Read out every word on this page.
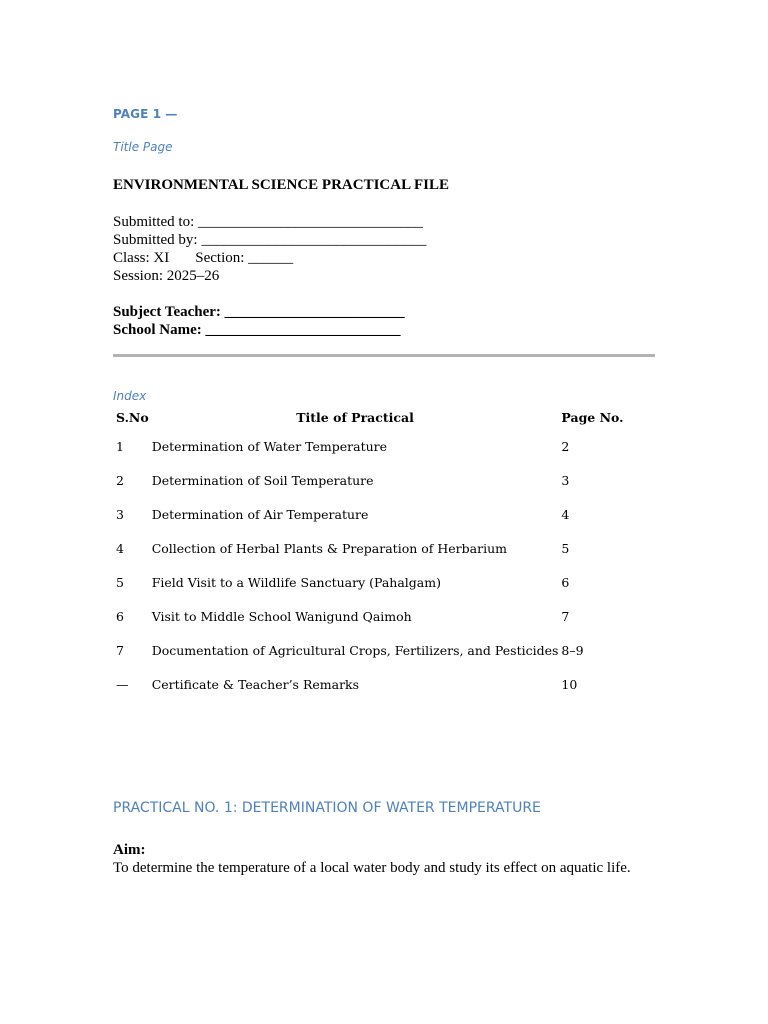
PAGE 1 —
Title Page
ENVIRONMENTAL SCIENCE PRACTICAL FILE
Submitted to: ______________________________
Submitted by: ______________________________
Class: XI Section: ______
Session: 2025–26
Subject Teacher: ________________________
School Name: __________________________
Index
S.No	Title of Practical	Page No.
1	Determination of Water Temperature	2
2	Determination of Soil Temperature	3
3	Determination of Air Temperature	4
4	Collection of Herbal Plants & Preparation of Herbarium	5
5	Field Visit to a Wildlife Sanctuary (Pahalgam)	6
6	Visit to Middle School Wanigund Qaimoh	7
7	Documentation of Agricultural Crops, Fertilizers, and Pesticides	8–9
—	Certificate & Teacher’s Remarks	10
PRACTICAL NO. 1: DETERMINATION OF WATER TEMPERATURE
Aim:
To determine the temperature of a local water body and study its effect on aquatic life.
